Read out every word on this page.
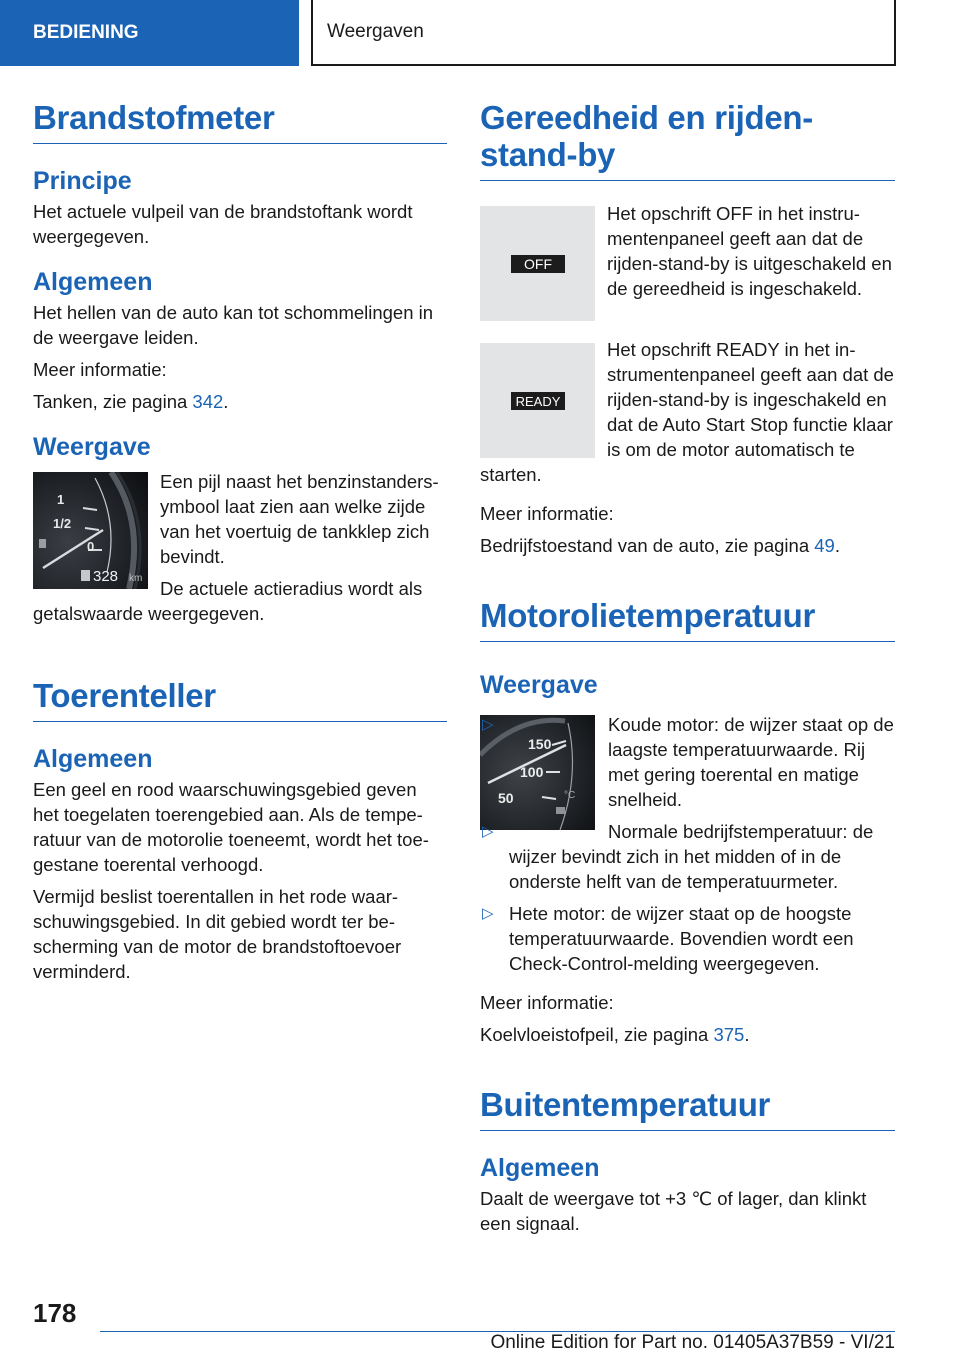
BEDIENING	Weergaven
Brandstofmeter
Principe

Het actuele vulpeil van de brandstoftank wordt weergegeven.

Algemeen

Het hellen van de auto kan tot schommelingen in de weergave leiden.

Meer informatie:

Tanken, zie pagina 342.

Weergave
1
1/2
0
328 km

Een pijl naast het benzinstandersymbool laat zien aan welke zijde van het voertuig de tankklep zich bevindt.

De actuele actieradius wordt als getalswaarde weergegeven.

Toerenteller
Algemeen

Een geel en rood waarschuwingsgebied geven het toegelaten toerengebied aan. Als de temperatuur van de motorolie toeneemt, wordt het toegestane toerental verhoogd.

Vermijd beslist toerentallen in het rode waarschuwingsgebied. In dit gebied wordt ter bescherming van de motor de brandstoftoevoer verminderd.

Gereedheid en rijden-stand-by
OFF

Het opschrift OFF in het instrumentenpaneel geeft aan dat de rijden-stand-by is uitgeschakeld en de gereedheid is ingeschakeld.

READY

Het opschrift READY in het instrumentenpaneel geeft aan dat de rijden-stand-by is ingeschakeld en dat de Auto Start Stop functie klaar is om de motor automatisch te starten.

Meer informatie:

Bedrijfstoestand van de auto, zie pagina 49.

Motorolietemperatuur
Weergave
150
100
50	°C
▷	Koude motor: de wijzer staat op de laagste temperatuurwaarde. Rij met gering toerental en matige snelheid.
▷	Normale bedrijfstemperatuur: de wijzer bevindt zich in het midden of in de onderste helft van de temperatuurmeter.
▷ Hete motor: de wijzer staat op de hoogste temperatuurwaarde. Bovendien wordt een Check-Control-melding weergegeven.

Meer informatie:

Koelvloeistofpeil, zie pagina 375.

Buitentemperatuur
Algemeen

Daalt de weergave tot +3 ℃ of lager, dan klinkt een signaal.

178
Online Edition for Part no. 01405A37B59 - VI/21
